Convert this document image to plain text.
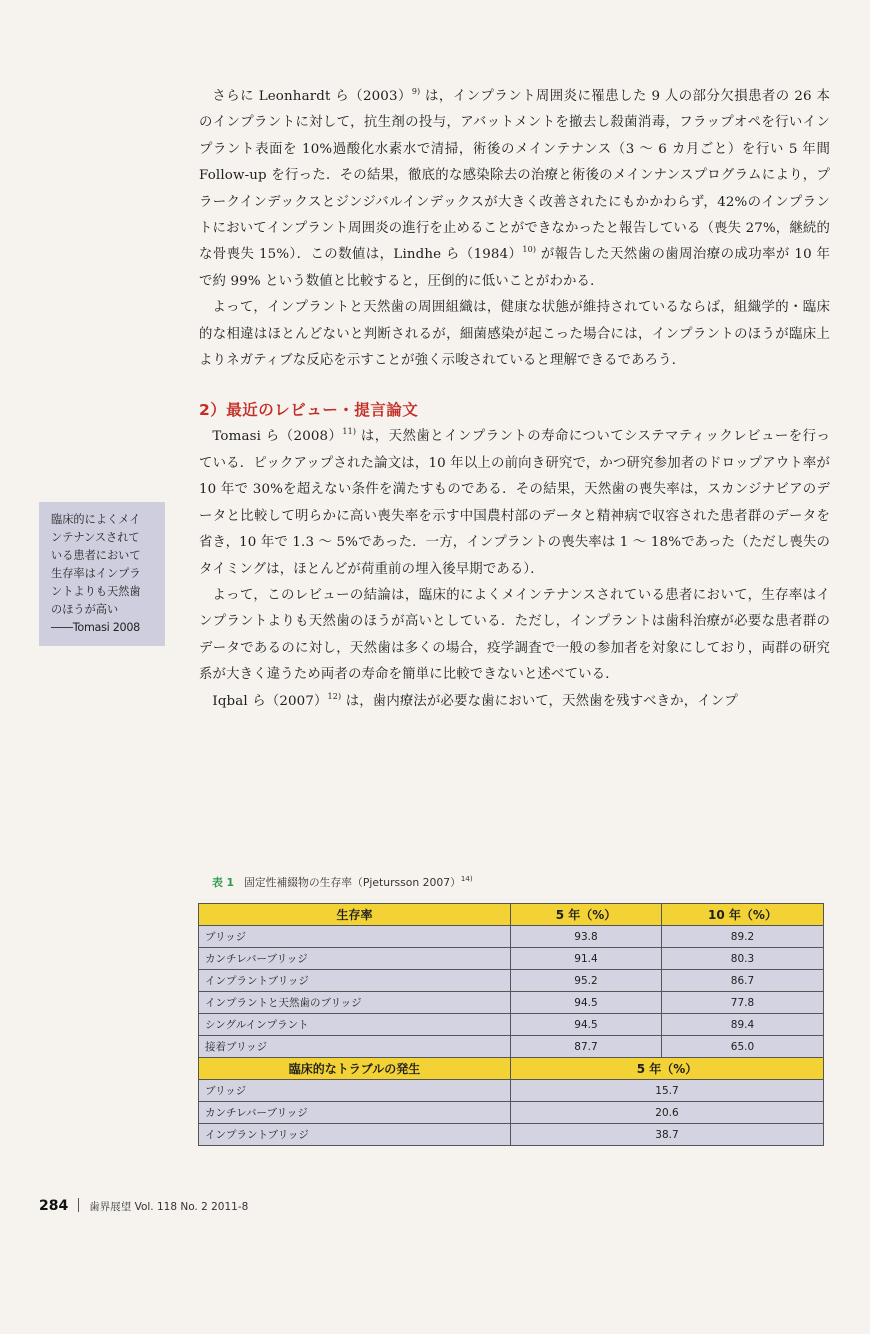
さらに Leonhardt ら$(2003)^{9)}$ は，インプラント周囲炎に罹患した 9 人の部分欠損患者の 26 本のインプラントに対して，抗生剤の投与，アバットメントを撤去し殺菌消毒，フラップオペを行いインプラント表面を 10%過酸化水素水で清掃，術後のメインテナンス（3 ～ 6 カ月ごと）を行い 5 年間 Follow-up を行った．その結果，徹底的な感染除去の治療と術後のメインナンスプログラムにより，プラークインデックスとジンジバルインデックスが大きく改善されたにもかかわらず，42%のインプラントにおいてインプラント周囲炎の進行を止めることができなかったと報告している（喪失 27%，継続的な骨喪失 15%）．この数値は，Lindhe ら$(1984)^{10)}$ が報告した天然歯の歯周治療の成功率が 10 年で約 99% という数値と比較すると，圧倒的に低いことがわかる．

よって，インプラントと天然歯の周囲組織は，健康な状態が維持されているならば，組織学的・臨床的な相違はほとんどないと判断されるが，細菌感染が起こった場合には，インプラントのほうが臨床上よりネガティブな反応を示すことが強く示唆されていると理解できるであろう．

2）最近のレビュー・提言論文

Tomasi ら$(2008)^{11)}$ は，天然歯とインプラントの寿命についてシステマティックレビューを行っている．ピックアップされた論文は，10 年以上の前向き研究で，かつ研究参加者のドロップアウト率が 10 年で 30%を超えない条件を満たすものである．その結果，天然歯の喪失率は，スカンジナビアのデータと比較して明らかに高い喪失率を示す中国農村部のデータと精神病で収容された患者群のデータを省き，10 年で 1.3 ～ 5%であった．一方，インプラントの喪失率は 1 ～ 18%であった（ただし喪失のタイミングは，ほとんどが荷重前の埋入後早期である）．

よって，このレビューの結論は，臨床的によくメインテナンスされている患者において，生存率はインプラントよりも天然歯のほうが高いとしている．ただし，インプラントは歯科治療が必要な患者群のデータであるのに対し，天然歯は多くの場合，疫学調査で一般の参加者を対象にしており，両群の研究系が大きく違うため両者の寿命を簡単に比較できないと述べている．

Iqbal ら$(2007)^{12)}$ は，歯内療法が必要な歯において，天然歯を残すべきか，インプ

臨床的によくメイ
ンテナンスされて
いる患者において
生存率はインプラ
ントよりも天然歯
のほうが高い
――Tomasi 2008
表 1 固定性補綴物の生存率（Pjetursson 2007）$^{14)}$
生存率	5 年（%）	10 年（%）
ブリッジ	93.8	89.2
カンチレバーブリッジ	91.4	80.3
インプラントブリッジ	95.2	86.7
インプラントと天然歯のブリッジ	94.5	77.8
シングルインプラント	94.5	89.4
接着ブリッジ	87.7	65.0
臨床的なトラブルの発生	5 年（%）	
ブリッジ	15.7	
カンチレバーブリッジ	20.6	
インプラントブリッジ	38.7	
284 歯界展望 Vol. 118 No. 2 2011-8
